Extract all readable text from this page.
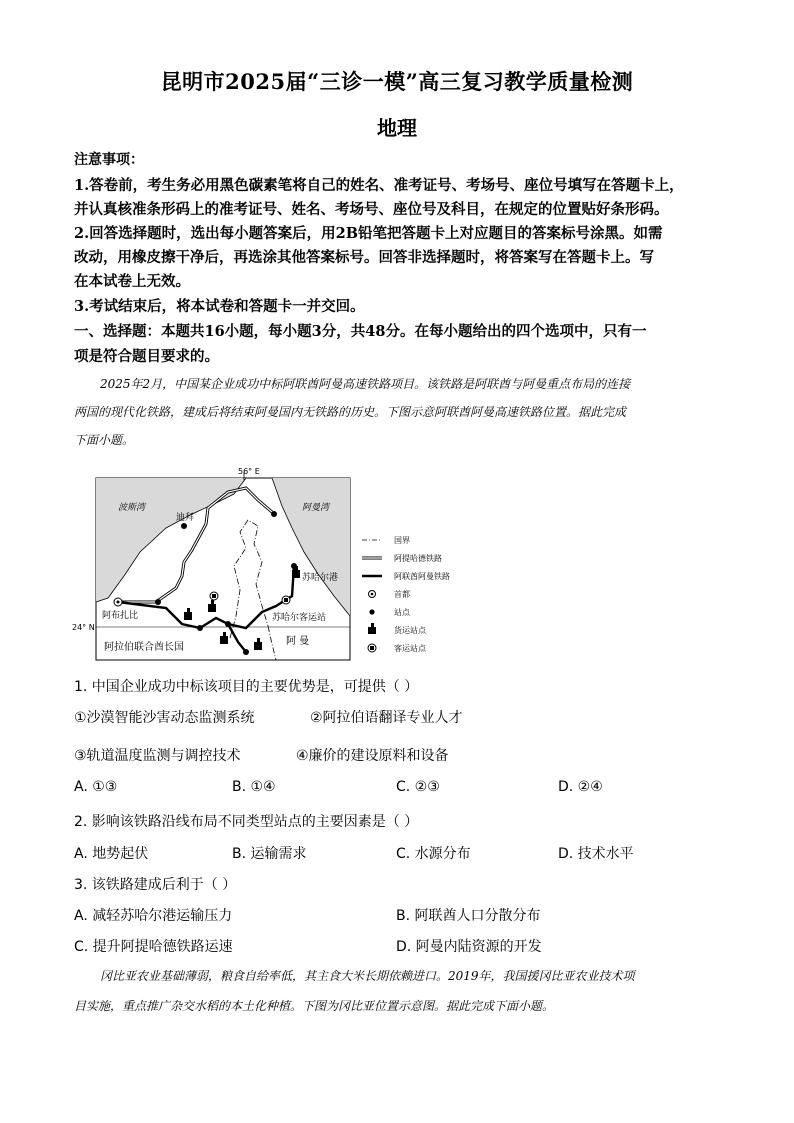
昆明市2025届“三诊一模”高三复习教学质量检测
地理
注意事项：
1.答卷前，考生务必用黑色碳素笔将自己的姓名、准考证号、考场号、座位号填写在答题卡上，
并认真核准条形码上的准考证号、姓名、考场号、座位号及科目，在规定的位置贴好条形码。
2.回答选择题时，选出每小题答案后，用2B铅笔把答题卡上对应题目的答案标号涂黑。如需
改动，用橡皮擦干净后，再选涂其他答案标号。回答非选择题时，将答案写在答题卡上。写
在本试卷上无效。
3.考试结束后，将本试卷和答题卡一并交回。
一、选择题：本题共16小题，每小题3分，共48分。在每小题给出的四个选项中，只有一
项是符合题目要求的。
2025年2月，中国某企业成功中标阿联酋阿曼高速铁路项目。该铁路是阿联酋与阿曼重点布局的连接
两国的现代化铁路，建成后将结束阿曼国内无铁路的历史。下图示意阿联酋阿曼高速铁路位置。据此完成
下面小题。
56° E
24° N
波斯湾	阿曼湾
迪拜
苏哈尔港
阿布扎比	苏哈尔客运站
阿拉伯联合酋长国
阿 曼
国界
阿提哈德铁路
阿联酋阿曼铁路
首都
站点
货运站点
客运站点
1. 中国企业成功中标该项目的主要优势是，可提供（ ）
①沙漠智能沙害动态监测系统	②阿拉伯语翻译专业人才
③轨道温度监测与调控技术	④廉价的建设原料和设备
A. ①③	B. ①④	C. ②③	D. ②④
2. 影响该铁路沿线布局不同类型站点的主要因素是（ ）
A. 地势起伏	B. 运输需求	C. 水源分布	D. 技术水平
3. 该铁路建成后利于（ ）
A. 减轻苏哈尔港运输压力	B. 阿联酋人口分散分布
C. 提升阿提哈德铁路运速	D. 阿曼内陆资源的开发
冈比亚农业基础薄弱，粮食自给率低，其主食大米长期依赖进口。2019年，我国援冈比亚农业技术项
目实施，重点推广杂交水稻的本土化种植。下图为冈比亚位置示意图。据此完成下面小题。
